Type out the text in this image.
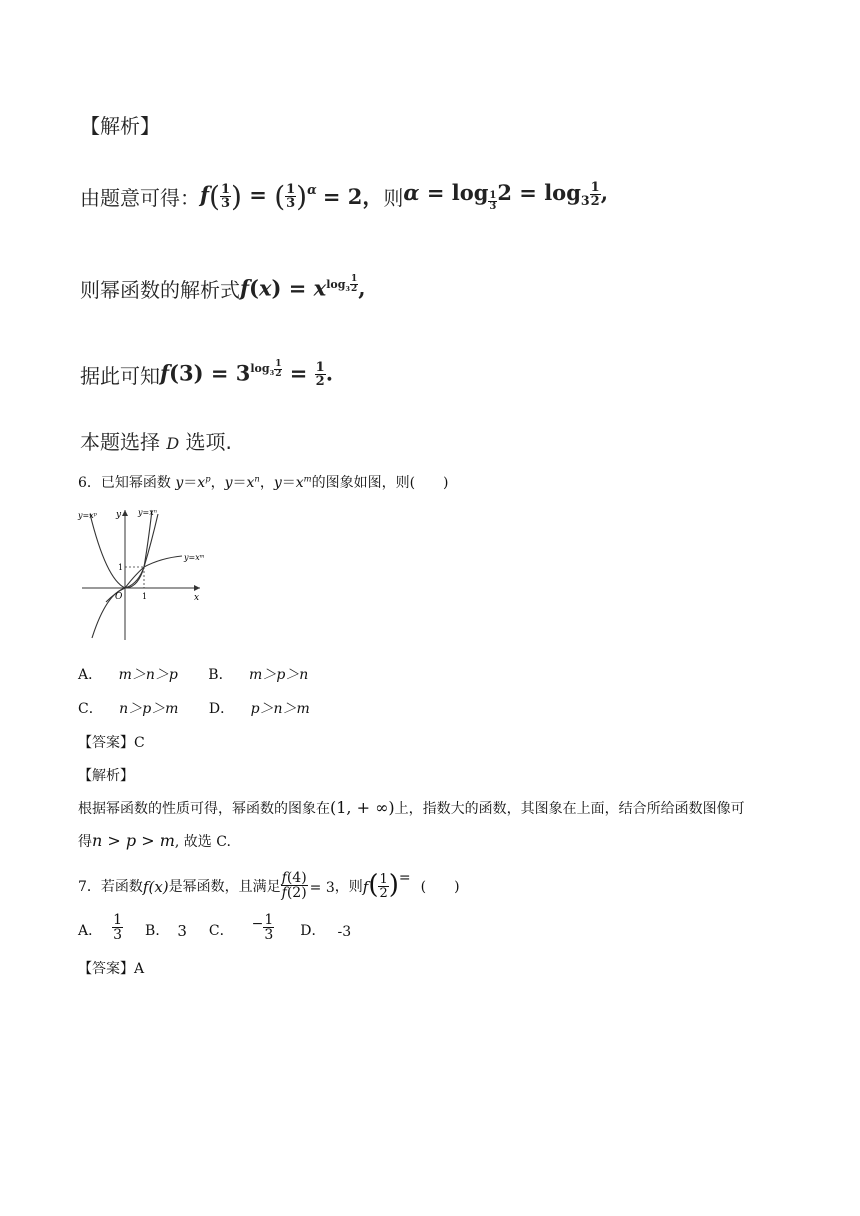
【解析】
由题意可得： $f( \frac{1}{3}$ ) = ( $\frac{1}{3} )^\alpha = 2$， 则 α = log $_{\frac{1}{3}}$ $2 = \log_3 \frac{1}{2}$ ,
则幂函数的解析式 $f(x) = x^{log_3 \frac{1}{2}}$ ,
据此可知 $f(3) = 3^{log_3 \frac{1}{2}} = \frac{1}{2}$ .
本题选择 D 选项.
6．已知幂函数 $y=x^p$，$y=x^n$，$y=x^m$的图象如图，则(　　)
y=xᵖ	y=xⁿ
y=xᵐ
y
x
O 1
1
A． m＞n＞p B． m＞p＞n
C． n＞p＞m D． p＞n＞m
【答案】C
【解析】
根据幂函数的性质可得，幂函数的图象在(1, + ∞)上，指数大的函数，其图象在上面，结合所给函数图像可
得n > p > m, 故选 C.
7．若函数 f(x) 是幂函数，且满足 $\frac{f(4)}{f(2)} = 3$ ，则 f ( $\frac{1}{2}$ ) =
(　　)
A． $\frac{1}{3}$ B． 3 C． − $\frac{1}{3}$ D． -3
【答案】A
